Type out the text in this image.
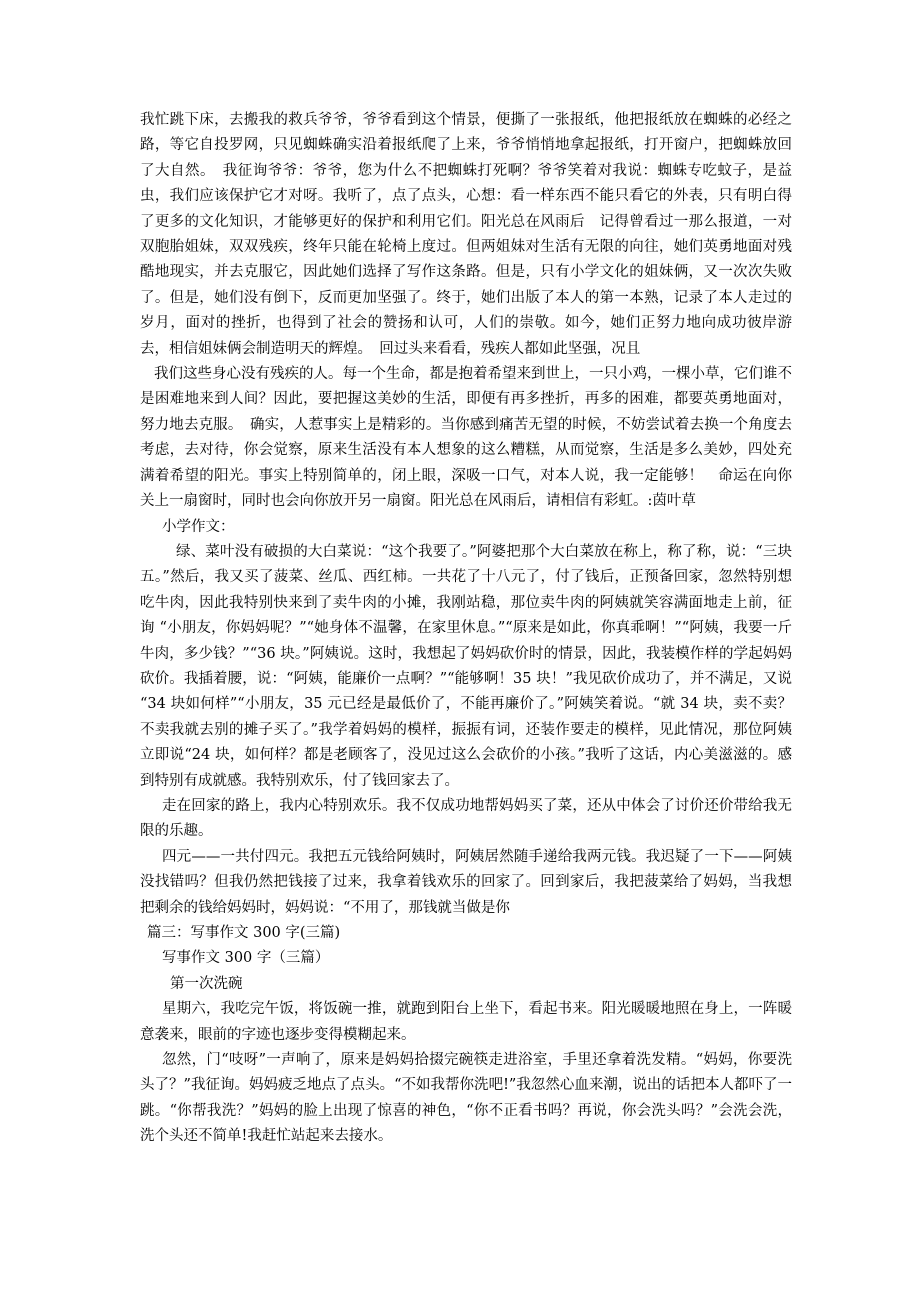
我忙跳下床，去搬我的救兵爷爷，爷爷看到这个情景，便撕了一张报纸，他把报纸放在蜘蛛的必经之路，等它自投罗网，只见蜘蛛确实沿着报纸爬了上来，爷爷悄悄地拿起报纸，打开窗户，把蜘蛛放回了大自然。　我征询爷爷：爷爷，您为什么不把蜘蛛打死啊？爷爷笑着对我说：蜘蛛专吃蚊子，是益虫，我们应该保护它才对呀。我听了，点了点头，心想：看一样东西不能只看它的外表，只有明白得了更多的文化知识，才能够更好的保护和利用它们。阳光总在风雨后　记得曾看过一那么报道，一对双胞胎姐妹，双双残疾，终年只能在轮椅上度过。但两姐妹对生活有无限的向往，她们英勇地面对残酷地现实，并去克服它，因此她们选择了写作这条路。但是，只有小学文化的姐妹俩，又一次次失败了。但是，她们没有倒下，反而更加坚强了。终于，她们出版了本人的第一本熟，记录了本人走过的岁月，面对的挫折，也得到了社会的赞扬和认可，人们的崇敬。如今，她们正努力地向成功彼岸游去，相信姐妹俩会制造明天的辉煌。　回过头来看看，残疾人都如此坚强，况且

我们这些身心没有残疾的人。每一个生命，都是抱着希望来到世上，一只小鸡，一棵小草，它们谁不是困难地来到人间？因此，要把握这美妙的生活，即便有再多挫折，再多的困难，都要英勇地面对，努力地去克服。　确实，人惹事实上是精彩的。当你感到痛苦无望的时候，不妨尝试着去换一个角度去考虑，去对待，你会觉察，原来生活没有本人想象的这么糟糕，从而觉察，生活是多么美妙，四处充满着希望的阳光。事实上特别简单的，闭上眼，深吸一口气，对本人说，我一定能够！　命运在向你关上一扇窗时，同时也会向你放开另一扇窗。阳光总在风雨后，请相信有彩虹。:茵叶草

小学作文：

绿、菜叶没有破损的大白菜说：“这个我要了。”阿婆把那个大白菜放在称上，称了称，说：“三块五。”然后，我又买了菠菜、丝瓜、西红柿。一共花了十八元了，付了钱后，正预备回家，忽然特别想吃牛肉，因此我特别快来到了卖牛肉的小摊，我刚站稳，那位卖牛肉的阿姨就笑容满面地走上前，征询 “小朋友，你妈妈呢？”“她身体不温馨，在家里休息。”“原来是如此，你真乖啊！”“阿姨，我要一斤牛肉，多少钱？”“36 块。”阿姨说。这时，我想起了妈妈砍价时的情景，因此，我装模作样的学起妈妈砍价。我插着腰，说：“阿姨，能廉价一点啊？”“能够啊！35 块！”我见砍价成功了，并不满足，又说 “34 块如何样”“小朋友，35 元已经是最低价了，不能再廉价了。”阿姨笑着说。“就 34 块，卖不卖？不卖我就去别的摊子买了。”我学着妈妈的模样，振振有词，还装作要走的模样，见此情况，那位阿姨立即说“24 块，如何样？都是老顾客了，没见过这么会砍价的小孩。”我听了这话，内心美滋滋的。感到特别有成就感。我特别欢乐，付了钱回家去了。

走在回家的路上，我内心特别欢乐。我不仅成功地帮妈妈买了菜，还从中体会了讨价还价带给我无限的乐趣。

四元——一共付四元。我把五元钱给阿姨时，阿姨居然随手递给我两元钱。我迟疑了一下——阿姨没找错吗？但我仍然把钱接了过来，我拿着钱欢乐的回家了。回到家后，我把菠菜给了妈妈，当我想把剩余的钱给妈妈时，妈妈说：“不用了，那钱就当做是你

篇三：写事作文 300 字(三篇)

写事作文 300 字（三篇）

第一次洗碗

星期六，我吃完午饭，将饭碗一推，就跑到阳台上坐下，看起书来。阳光暖暖地照在身上，一阵暖意袭来，眼前的字迹也逐步变得模糊起来。

忽然，门“吱呀”一声响了，原来是妈妈拾掇完碗筷走进浴室，手里还拿着洗发精。“妈妈，你要洗头了？”我征询。妈妈疲乏地点了点头。“不如我帮你洗吧!”我忽然心血来潮，说出的话把本人都吓了一跳。“你帮我洗？”妈妈的脸上出现了惊喜的神色，“你不正看书吗？再说，你会洗头吗？”会洗会洗，洗个头还不简单!我赶忙站起来去接水。
